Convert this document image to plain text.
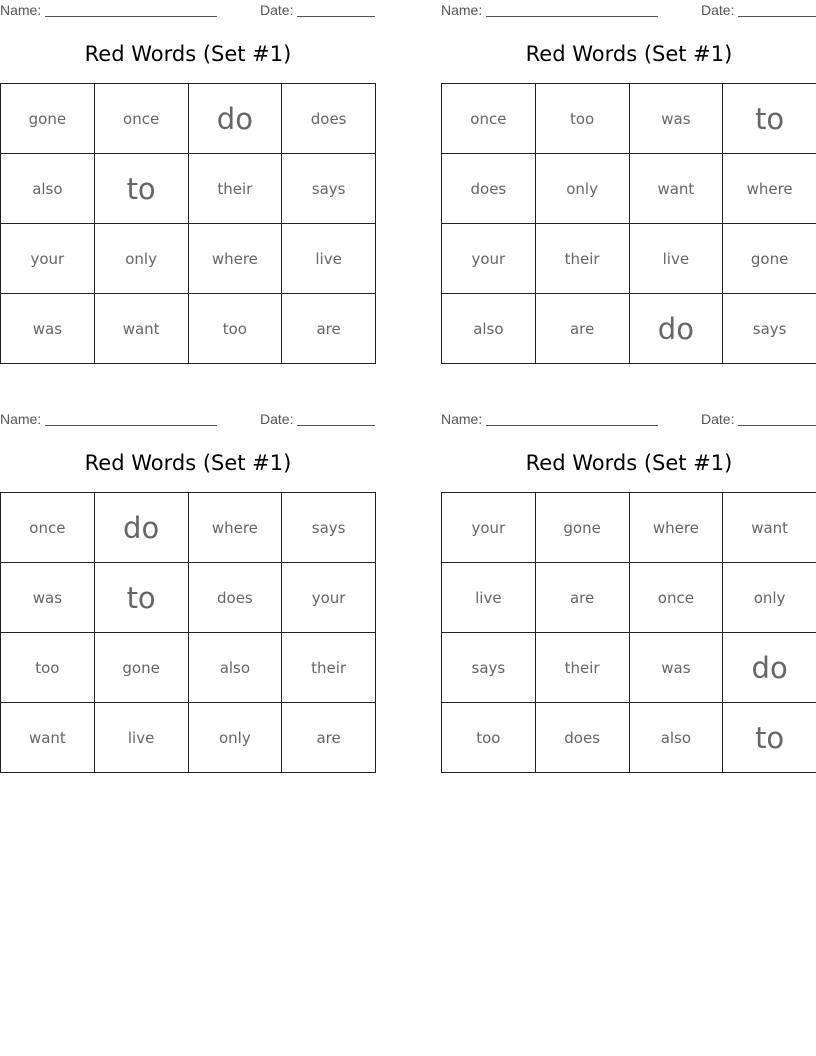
Name:	Date:
Red Words (Set #1)
gone	once	do	does
also	to	their	says
your	only	where	live
was	want	too	are
Name:	Date:
Red Words (Set #1)
once	too	was	to
does	only	want	where
your	their	live	gone
also	are	do	says
Name:	Date:
Red Words (Set #1)
once	do	where	says
was	to	does	your
too	gone	also	their
want	live	only	are
Name:	Date:
Red Words (Set #1)
your	gone	where	want
live	are	once	only
says	their	was	do
too	does	also	to
